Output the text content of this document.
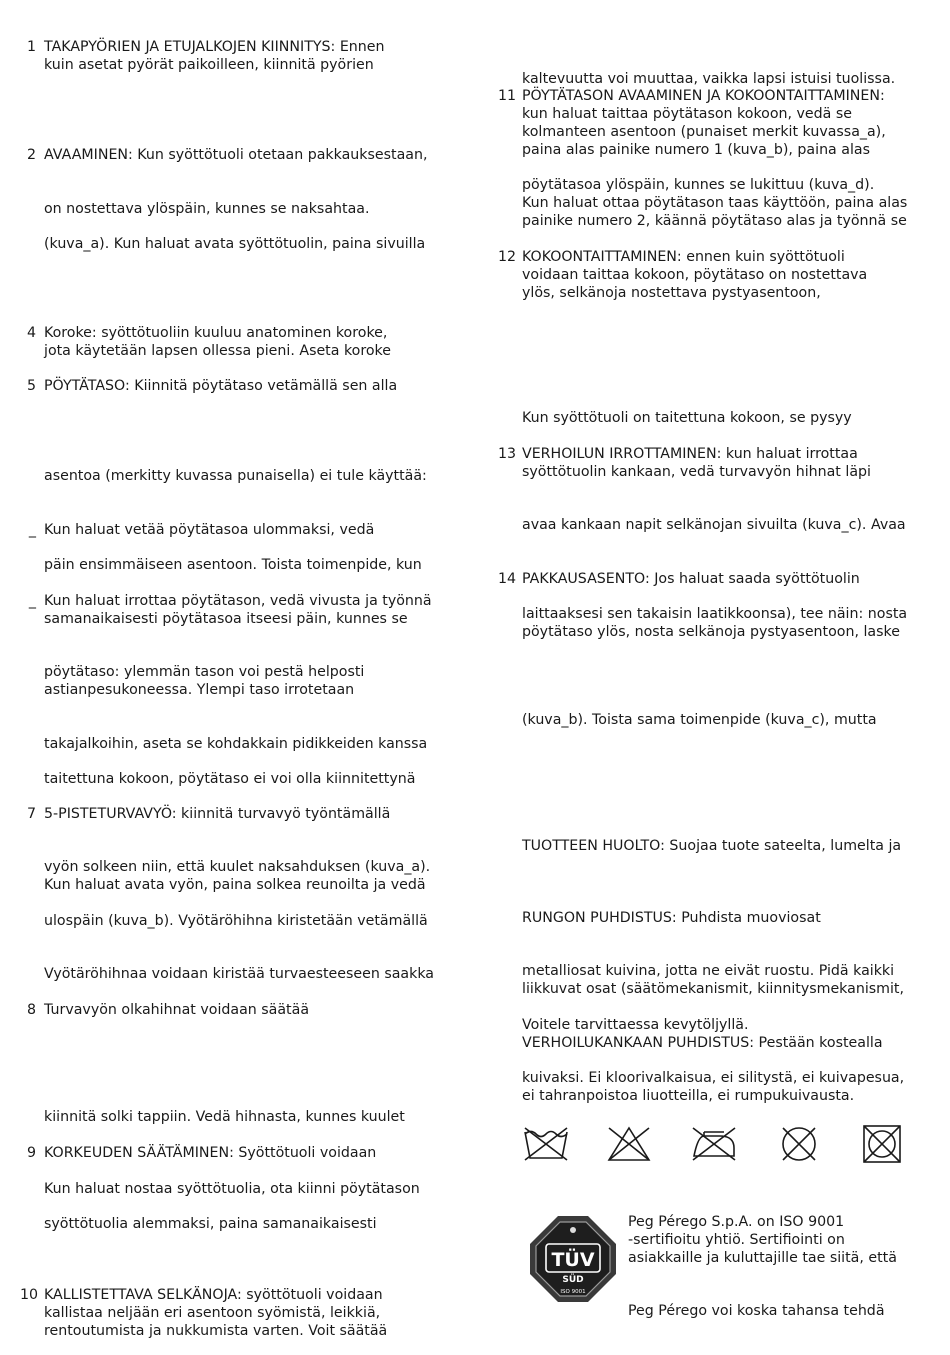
1 TAKAPYÖRIEN JA ETUJALKOJEN KIINNITYS: Ennen
kuin asetat pyörät paikoilleen, kiinnitä pyörien
2 AVAAMINEN: Kun syöttötuoli otetaan pakkauksestaan,
on nostettava ylöspäin, kunnes se naksahtaa.
(kuva_a). Kun haluat avata syöttötuolin, paina sivuilla
4 Koroke: syöttötuoliin kuuluu anatominen koroke,
jota käytetään lapsen ollessa pieni. Aseta koroke
5 PÖYTÄTASO: Kiinnitä pöytätaso vetämällä sen alla
asentoa (merkitty kuvassa punaisella) ei tule käyttää:
_ Kun haluat vetää pöytätasoa ulommaksi, vedä
päin ensimmäiseen asentoon. Toista toimenpide, kun
_ Kun haluat irrottaa pöytätason, vedä vivusta ja työnnä
samanaikaisesti pöytätasoa itseesi päin, kunnes se
pöytätaso: ylemmän tason voi pestä helposti
astianpesukoneessa. Ylempi taso irrotetaan
takajalkoihin, aseta se kohdakkain pidikkeiden kanssa
taitettuna kokoon, pöytätaso ei voi olla kiinnitettynä
7 5-PISTETURVAVYÖ: kiinnitä turvavyö työntämällä
vyön solkeen niin, että kuulet naksahduksen (kuva_a).
Kun haluat avata vyön, paina solkea reunoilta ja vedä
ulospäin (kuva_b). Vyötäröhihna kiristetään vetämällä
Vyötäröhihnaa voidaan kiristää turvaesteeseen saakka
8 Turvavyön olkahihnat voidaan säätää
kiinnitä solki tappiin. Vedä hihnasta, kunnes kuulet
9 KORKEUDEN SÄÄTÄMINEN: Syöttötuoli voidaan
Kun haluat nostaa syöttötuolia, ota kiinni pöytätason
syöttötuolia alemmaksi, paina samanaikaisesti
10 KALLISTETTAVA SELKÄNOJA: syöttötuoli voidaan
kallistaa neljään eri asentoon syömistä, leikkiä,
rentoutumista ja nukkumista varten. Voit säätää
kaltevuutta voi muuttaa, vaikka lapsi istuisi tuolissa.
11 PÖYTÄTASON AVAAMINEN JA KOKOONTAITTAMINEN:
kun haluat taittaa pöytätason kokoon, vedä se
kolmanteen asentoon (punaiset merkit kuvassa_a),
paina alas painike numero 1 (kuva_b), paina alas
pöytätasoa ylöspäin, kunnes se lukittuu (kuva_d).
Kun haluat ottaa pöytätason taas käyttöön, paina alas
painike numero 2, käännä pöytätaso alas ja työnnä se
12 KOKOONTAITTAMINEN: ennen kuin syöttötuoli
voidaan taittaa kokoon, pöytätaso on nostettava
ylös, selkänoja nostettava pystyasentoon,
Kun syöttötuoli on taitettuna kokoon, se pysyy
13 VERHOILUN IRROTTAMINEN: kun haluat irrottaa
syöttötuolin kankaan, vedä turvavyön hihnat läpi
avaa kankaan napit selkänojan sivuilta (kuva_c). Avaa
14 PAKKAUSASENTO: Jos haluat saada syöttötuolin
laittaaksesi sen takaisin laatikkoonsa), tee näin: nosta
pöytätaso ylös, nosta selkänoja pystyasentoon, laske
(kuva_b). Toista sama toimenpide (kuva_c), mutta
TUOTTEEN HUOLTO: Suojaa tuote sateelta, lumelta ja
RUNGON PUHDISTUS: Puhdista muoviosat
metalliosat kuivina, jotta ne eivät ruostu. Pidä kaikki
liikkuvat osat (säätömekanismit, kiinnitysmekanismit,
Voitele tarvittaessa kevytöljyllä.
VERHOILUKANKAAN PUHDISTUS: Pestään kostealla
kuivaksi. Ei kloorivalkaisua, ei silitystä, ei kuivapesua,
ei tahranpoistoa liuotteilla, ei rumpukuivausta.
TÜV
SÜD
ISO 9001
Peg Pérego S.p.A. on ISO 9001
-sertifioitu yhtiö. Sertifiointi on
asiakkaille ja kuluttajille tae siitä, että
Peg Pérego voi koska tahansa tehdä
